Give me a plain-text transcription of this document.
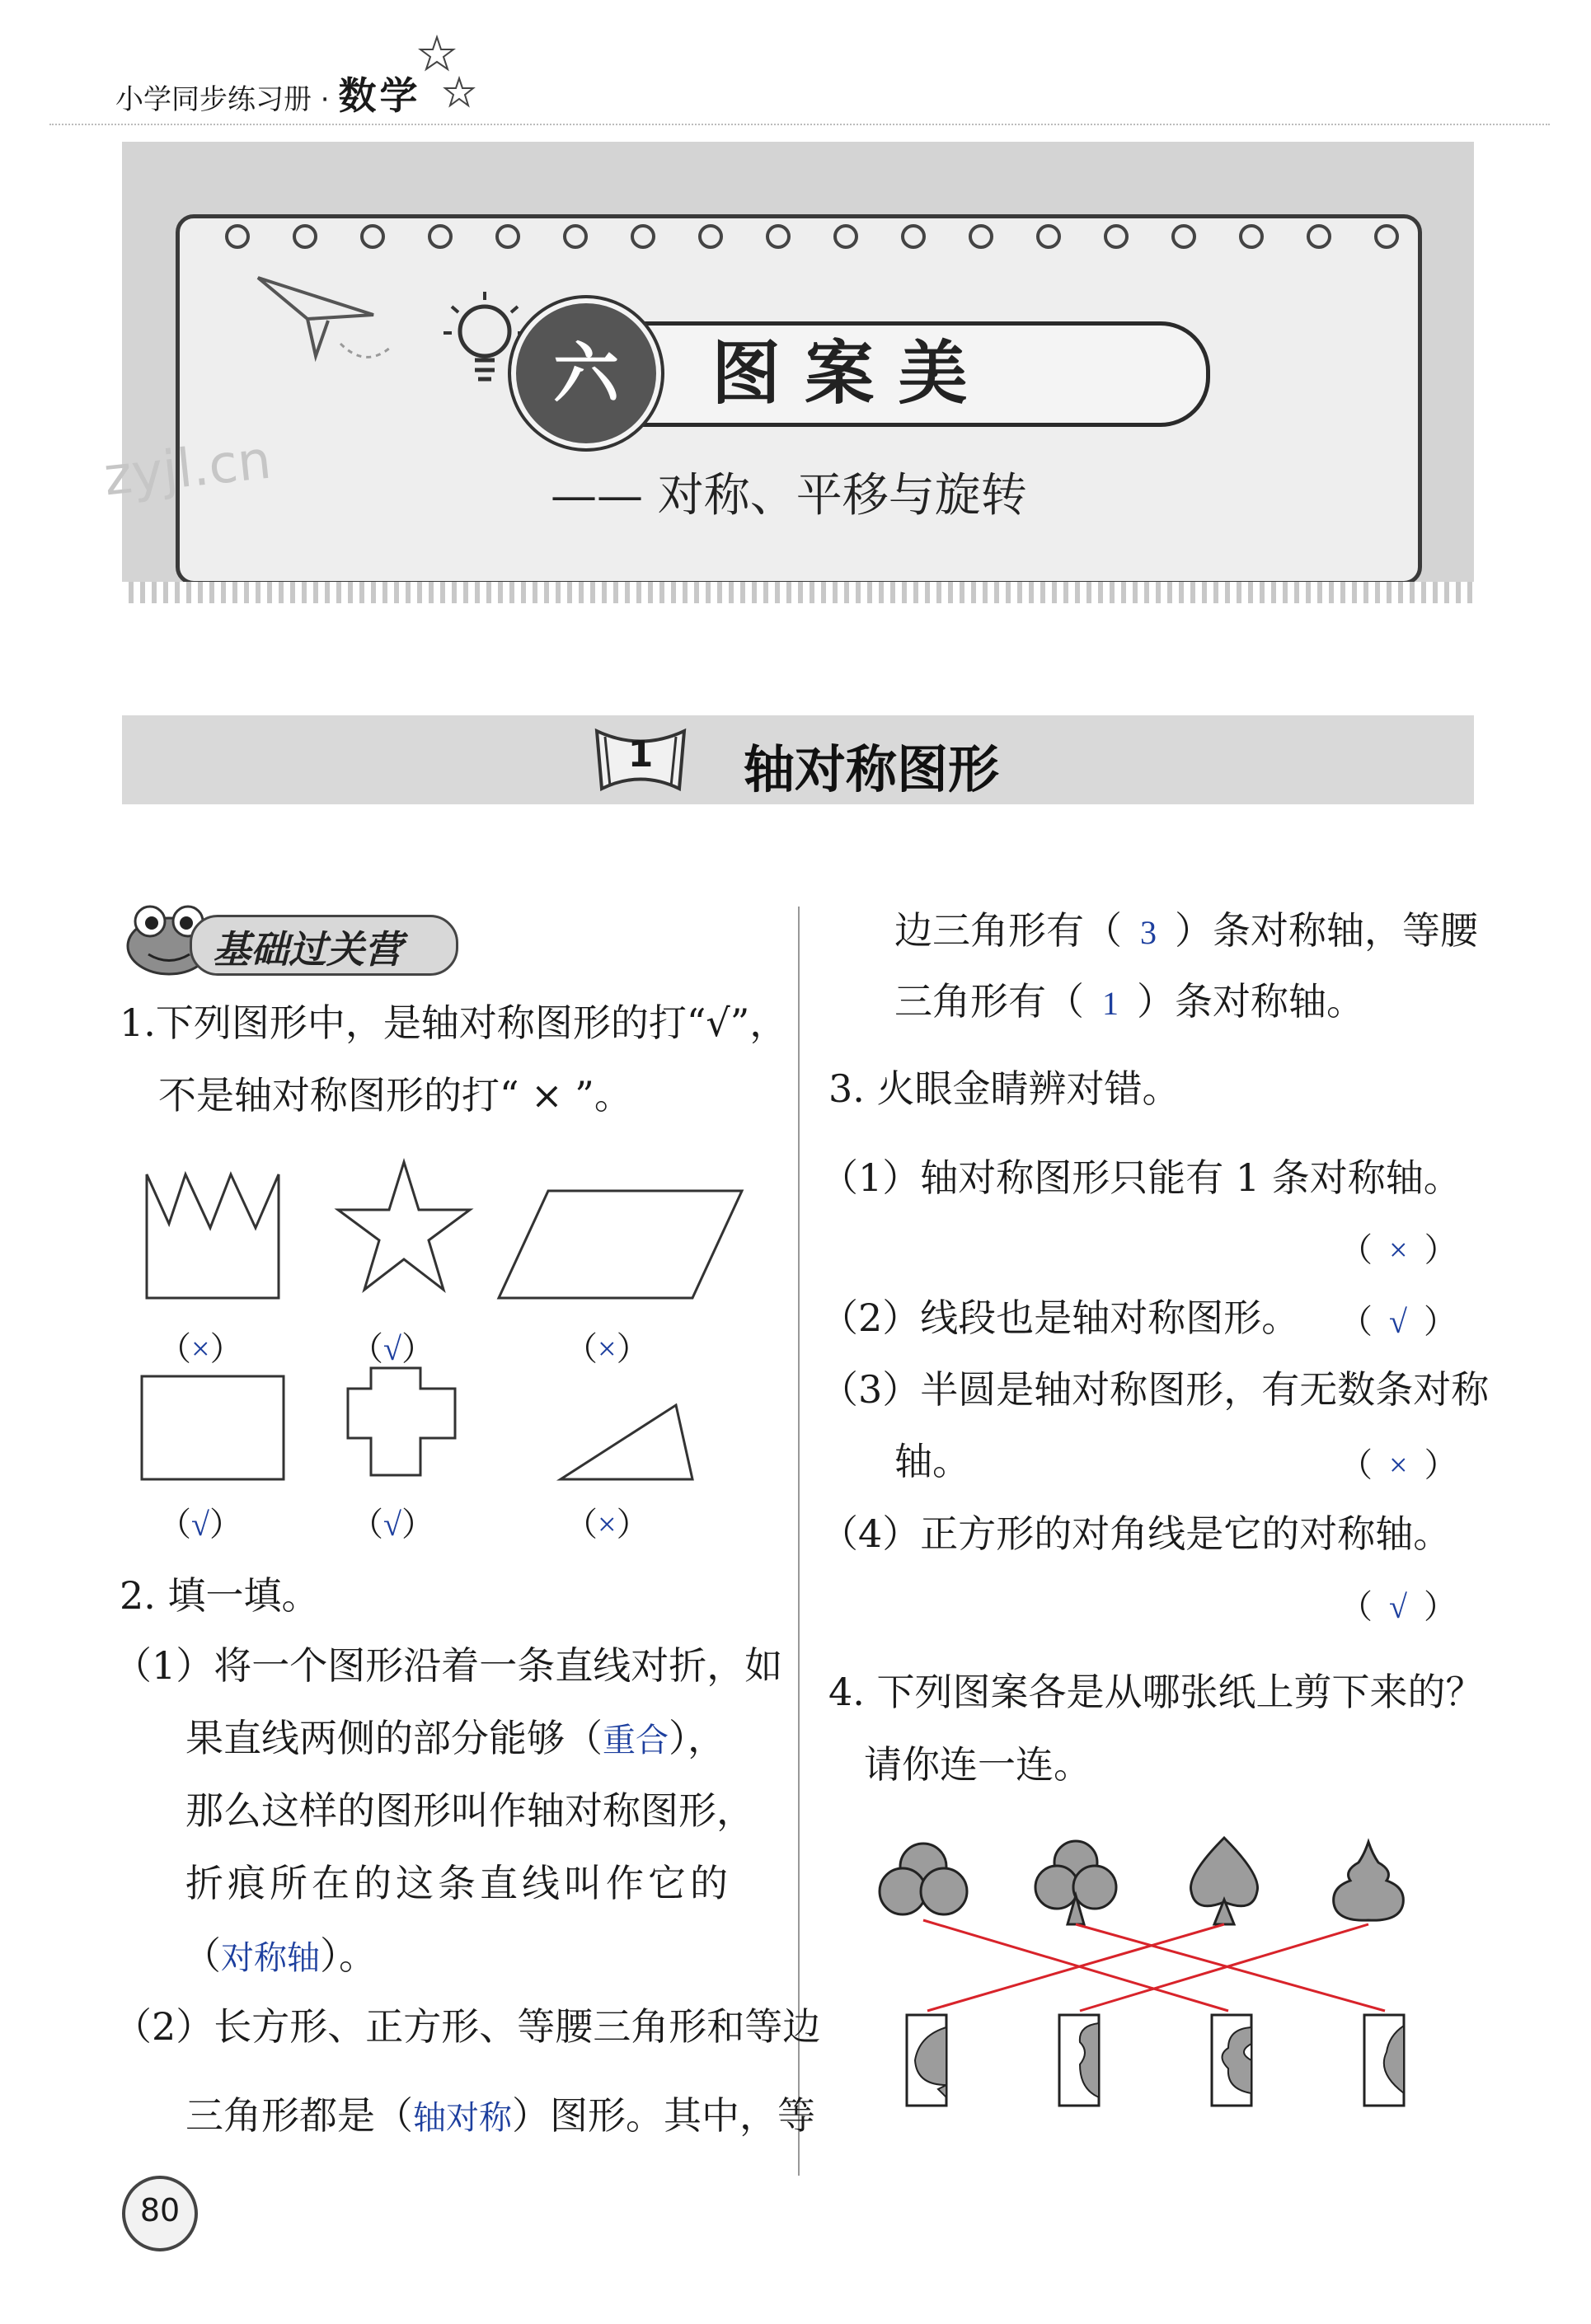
小学同步练习册 · 数学
六	图 案 美
—— 对称、平移与旋转
zyjl.cn
1	轴对称图形
基础过关营
1.下列图形中，是轴对称图形的打“√”，
不是轴对称图形的打“ × ”。
（×）	（√）	（×）
（√）	（√）	（×）
2. 填一填。
（1）将一个图形沿着一条直线对折，如
果直线两侧的部分能够（重合），
那么这样的图形叫作轴对称图形，
折痕所在的这条直线叫作它的
（对称轴）。
（2）长方形、正方形、等腰三角形和等边
三角形都是（轴对称）图形。其中，等
边三角形有（ 3 ）条对称轴，等腰
三角形有（ 1 ）条对称轴。
3. 火眼金睛辨对错。
（1）轴对称图形只能有 1 条对称轴。
（ × ）
（2）线段也是轴对称图形。 （ √ ）
（3）半圆是轴对称图形，有无数条对称
轴。	（ × ）
（4）正方形的对角线是它的对称轴。
（ √ ）
4. 下列图案各是从哪张纸上剪下来的？
请你连一连。
80
